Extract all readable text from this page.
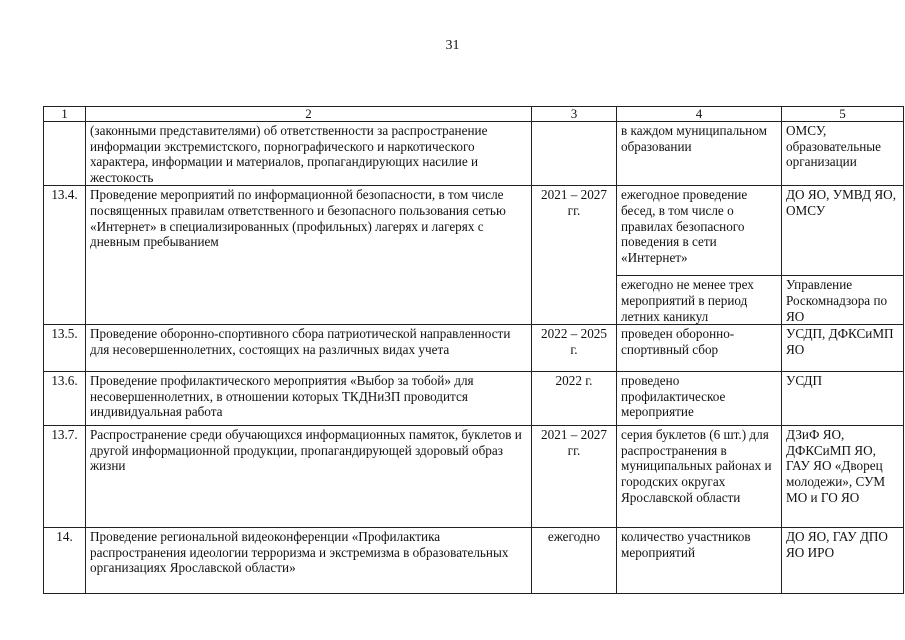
31
1	2	3	4	5
	(законными представителями) об ответственности за распространение информации экстремистского, порнографического и наркотического характера, информации и материалов, пропагандирующих насилие и жестокость		в каждом муниципальном образовании	ОМСУ, образовательные организации
13.4.	Проведение мероприятий по информационной безопасности, в том числе посвященных правилам ответственного и безопасного пользования сетью «Интернет» в специализированных (профильных) лагерях и лагерях с дневным пребыванием	2021 – 2027 гг.	ежегодное проведение бесед, в том числе о правилах безопасного поведения в сети «Интернет»	ДО ЯО, УМВД ЯО, ОМСУ
			ежегодно не менее трех мероприятий в период летних каникул	Управление Роскомнадзора по ЯО
13.5.	Проведение оборонно-спортивного сбора патриотической направленности для несовершеннолетних, состоящих на различных видах учета	2022 – 2025 г.	проведен оборонно-спортивный сбор	УСДП, ДФКСиМП ЯО
13.6.	Проведение профилактического мероприятия «Выбор за тобой» для несовершеннолетних, в отношении которых ТКДНиЗП проводится индивидуальная работа	2022 г.	проведено профилактическое мероприятие	УСДП
13.7.	Распространение среди обучающихся информационных памяток, буклетов и другой информационной продукции, пропагандирующей здоровый образ жизни	2021 – 2027 гг.	серия буклетов (6 шт.) для распространения в муниципальных районах и городских округах Ярославской области	ДЗиФ ЯО, ДФКСиМП ЯО, ГАУ ЯО «Дворец молодежи», СУМ МО и ГО ЯО
14.	Проведение региональной видеоконференции «Профилактика распространения идеологии терроризма и экстремизма в образовательных организациях Ярославской области»	ежегодно	количество участников мероприятий	ДО ЯО, ГАУ ДПО ЯО ИРО
